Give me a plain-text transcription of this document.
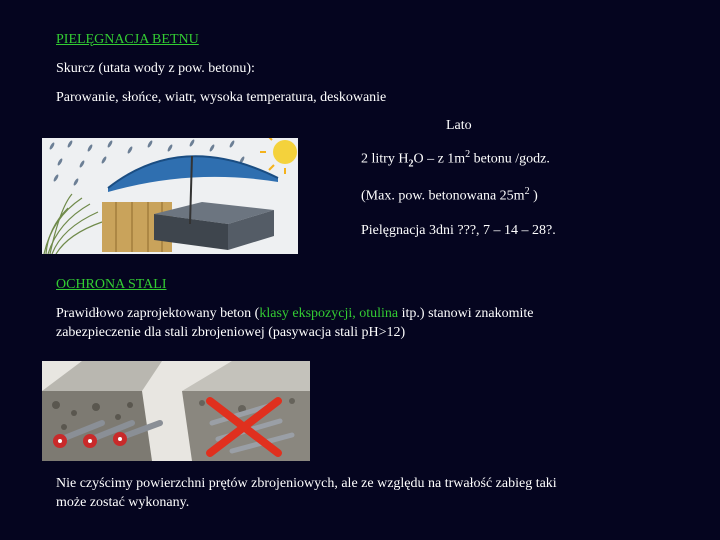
PIELĘGNACJA BETNU
Skurcz (utata wody z pow. betonu):
Parowanie, słońce, wiatr, wysoka temperatura, deskowanie
Lato
2 litry $H_2O$ – z $1m^2$ betonu /godz.
(Max. pow. betonowana $25m^2$ )
Pielęgnacja 3dni ???, 7 – 14 – 28?.
OCHRONA STALI
Prawidłowo zaprojektowany beton (klasy ekspozycji, otulina itp.) stanowi znakomite
zabezpieczenie dla stali zbrojeniowej (pasywacja stali pH>12)
Nie czyścimy powierzchni prętów zbrojeniowych, ale ze względu na trwałość zabieg taki
może zostać wykonany.
